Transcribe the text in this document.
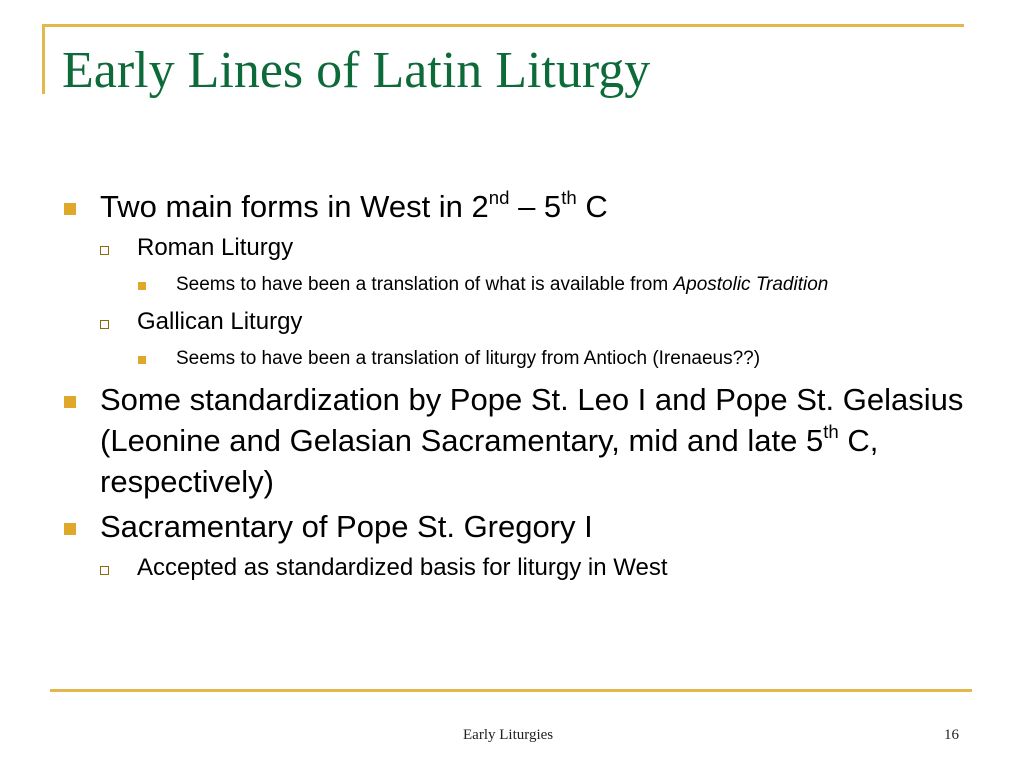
Early Lines of Latin Liturgy
Two main forms in West in 2nd – 5th C
Roman Liturgy
Seems to have been a translation of what is available from Apostolic Tradition
Gallican Liturgy
Seems to have been a translation of liturgy from Antioch (Irenaeus??)
Some standardization by Pope St. Leo I and Pope St. Gelasius (Leonine and Gelasian Sacramentary, mid and late 5th C, respectively)
Sacramentary of Pope St. Gregory I
Accepted as standardized basis for liturgy in West
Early Liturgies	16
